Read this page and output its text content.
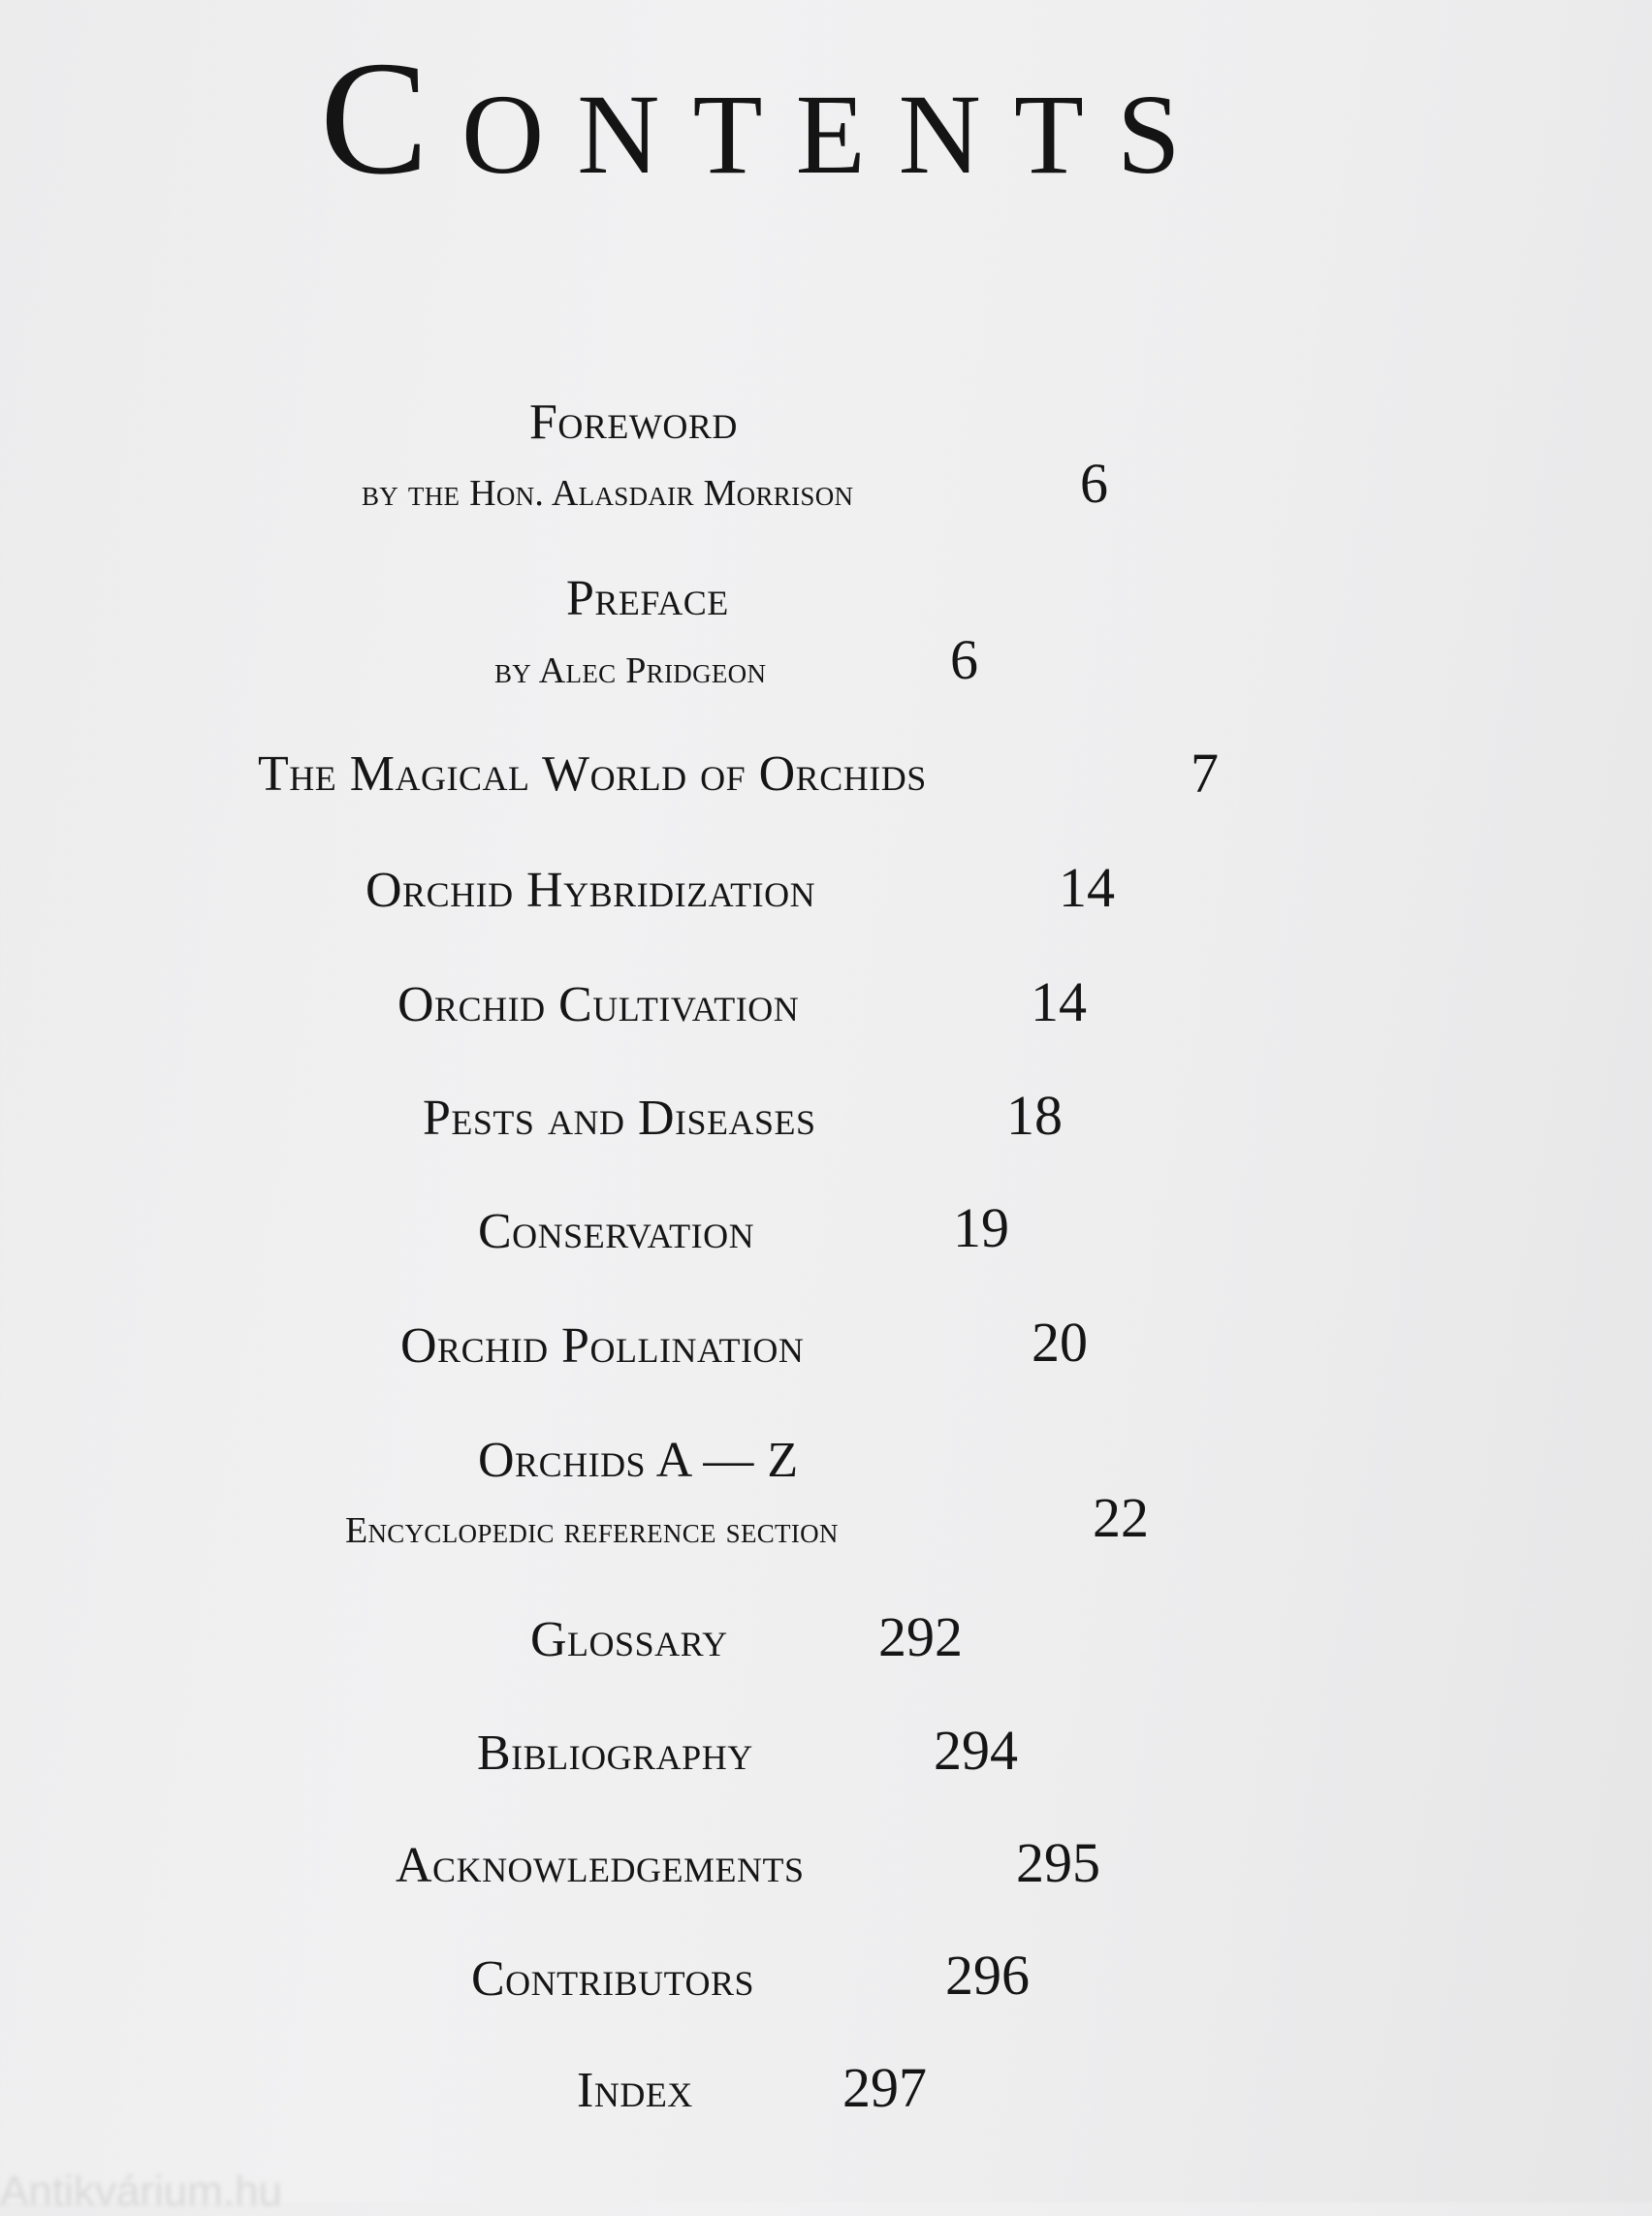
Contents
Foreword
by the Hon. Alasdair Morrison	6
Preface
by Alec Pridgeon	6
The Magical World of Orchids	7
Orchid Hybridization	14
Orchid Cultivation	14
Pests and Diseases	18
Conservation	19
Orchid Pollination	20
Orchids A — Z
Encyclopedic reference section	22
Glossary	292
Bibliography	294
Acknowledgements	295
Contributors	296
Index	297
Antikvárium.hu
